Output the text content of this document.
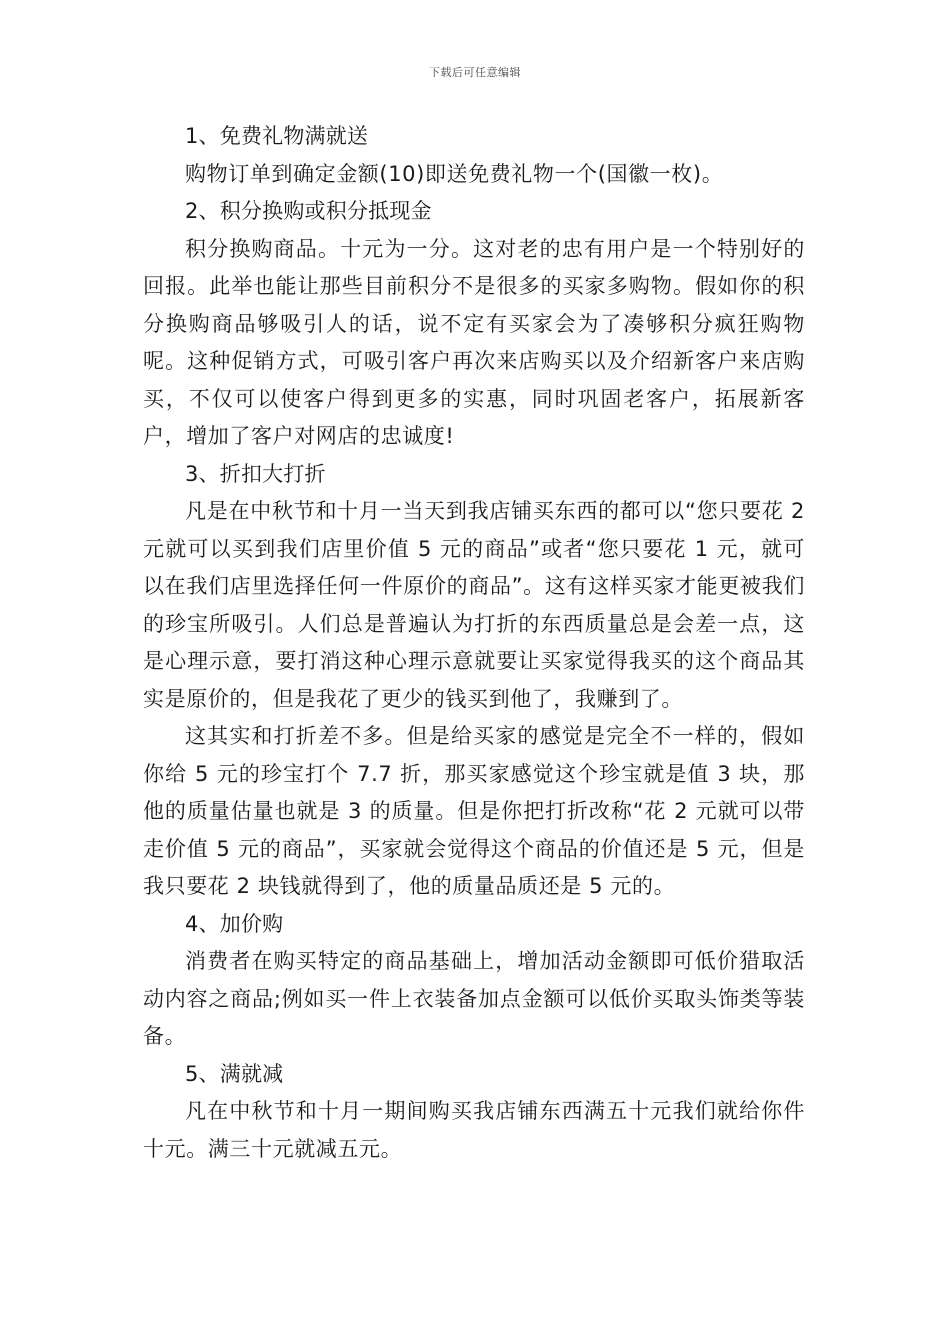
下载后可任意编辑

1、免费礼物满就送

购物订单到确定金额(10)即送免费礼物一个(国徽一枚)。

2、积分换购或积分抵现金

积分换购商品。十元为一分。这对老的忠有用户是一个特别好的回报。此举也能让那些目前积分不是很多的买家多购物。假如你的积分换购商品够吸引人的话，说不定有买家会为了凑够积分疯狂购物呢。这种促销方式，可吸引客户再次来店购买以及介绍新客户来店购买，不仅可以使客户得到更多的实惠，同时巩固老客户，拓展新客户，增加了客户对网店的忠诚度!

3、折扣大打折

凡是在中秋节和十月一当天到我店铺买东西的都可以“您只要花 2 元就可以买到我们店里价值 5 元的商品”或者“您只要花 1 元，就可以在我们店里选择任何一件原价的商品”。这有这样买家才能更被我们的珍宝所吸引。人们总是普遍认为打折的东西质量总是会差一点，这是心理示意，要打消这种心理示意就要让买家觉得我买的这个商品其实是原价的，但是我花了更少的钱买到他了，我赚到了。

这其实和打折差不多。但是给买家的感觉是完全不一样的，假如你给 5 元的珍宝打个 7.7 折，那买家感觉这个珍宝就是值 3 块，那他的质量估量也就是 3 的质量。但是你把打折改称“花 2 元就可以带走价值 5 元的商品”，买家就会觉得这个商品的价值还是 5 元，但是我只要花 2 块钱就得到了，他的质量品质还是 5 元的。

4、加价购

消费者在购买特定的商品基础上，增加活动金额即可低价猎取活动内容之商品;例如买一件上衣装备加点金额可以低价买取头饰类等装备。

5、满就减

凡在中秋节和十月一期间购买我店铺东西满五十元我们就给你件十元。满三十元就减五元。
